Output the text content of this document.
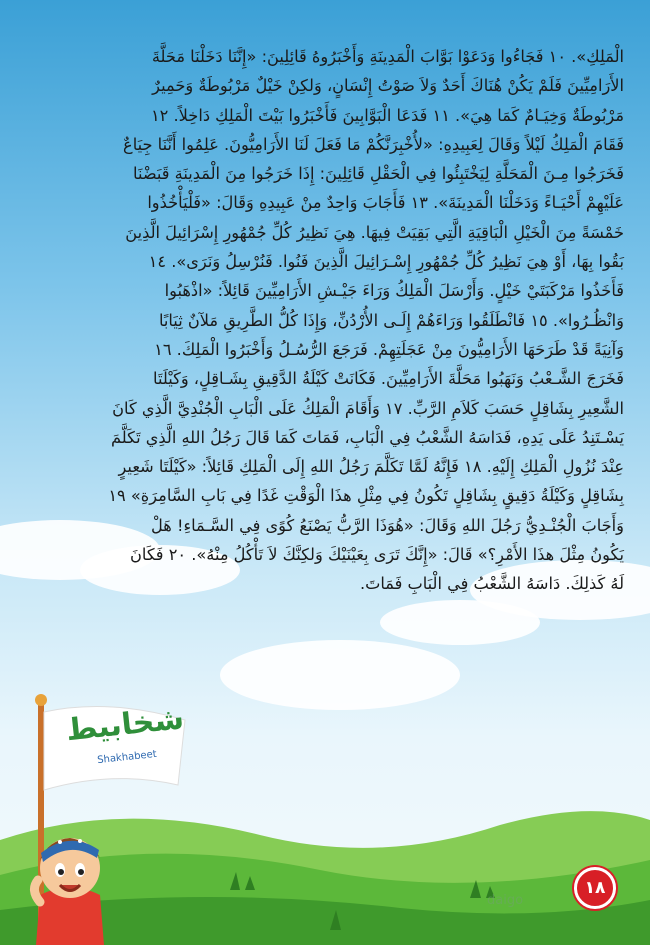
الْمَلِكِ». ١٠ فَجَاءُوا وَدَعَوْا بَوَّابَ الْمَدِينَةِ وَأَخْبَرُوهُ قَائِلِينَ: «إِنَّنَا دَخَلْنَا مَحَلَّةَ
الأَرَامِيِّينَ فَلَمْ يَكُنْ هُنَاكَ أَحَدٌ وَلاَ صَوْتُ إِنْسَانٍ، وَلكِنْ خَيْلٌ مَرْبُوطَةٌ وَحَمِيرٌ
مَرْبُوطَةٌ وَخِيَـامٌ كَمَا هِيَ». ١١ فَدَعَا الْبَوَّابِينَ فَأَخْبَرُوا بَيْتَ الْمَلِكِ دَاخِلاً. ١٢
فَقَامَ الْمَلِكُ لَيْلاً وَقَالَ لِعَبِيدِهِ: «لأُخْبِرَنَّكُمْ مَا فَعَلَ لَنَا الأَرَامِيُّونَ. عَلِمُوا أَنَّنَا جِيَاعٌ
فَخَرَجُوا مِـنَ الْمَحَلَّةِ لِيَخْتَبِئُوا فِي الْحَقْلِ قَائِلِينَ: إِذَا خَرَجُوا مِنَ الْمَدِينَةِ قَبَضْنَا
عَلَيْهِمْ أَحْيَـاءً وَدَخَلْنَا الْمَدِينَةَ». ١٣ فَأَجَابَ وَاحِدٌ مِنْ عَبِيدِهِ وَقَالَ: «فَلْيَأْخُذُوا
خَمْسَةً مِنَ الْخَيْلِ الْبَاقِيَةِ الَّتِي بَقِيَتْ فِيهَا. هِيَ نَظِيرُ كُلِّ جُمْهُورِ إِسْرَائِيلَ الَّذِينَ
بَقُوا بِهَا، أَوْ هِيَ نَظِيرُ كُلِّ جُمْهُورِ إِسْـرَائِيلَ الَّذِينَ فَنُوا. فَنُرْسِلُ وَنَرَى». ١٤
فَأَخَذُوا مَرْكَبَتَيْ خَيْلٍ. وَأَرْسَلَ الْمَلِكُ وَرَاءَ جَيْـشِ الأَرَامِيِّينَ قَائِلاً: «اذْهَبُوا
وَانْظُـرُوا». ١٥ فَانْطَلَقُوا وَرَاءَهُمْ إِلَـى الأُرْدُنِّ، وَإِذَا كُلُّ الطَّرِيقِ مَلآنٌ ثِيَابًا
وَآنِيَةً قَدْ طَرَحَهَا الأَرَامِيُّونَ مِنْ عَجَلَتِهِمْ. فَرَجَعَ الرُّسُـلُ وَأَخْبَرُوا الْمَلِكَ. ١٦
فَخَرَجَ الشَّـعْبُ وَنَهَبُوا مَحَلَّةَ الأَرَامِيِّينَ. فَكَانَتْ كَيْلَةُ الدَّقِيقِ بِشَـاقِلٍ، وَكَيْلَتَا
الشَّعِيرِ بِشَاقِلٍ حَسَبَ كَلاَمِ الرَّبِّ. ١٧ وَأَقَامَ الْمَلِكُ عَلَى الْبَابِ الْجُنْدِيَّ الَّذِي كَانَ
يَسْـتَنِدُ عَلَى يَدِهِ، فَدَاسَهُ الشَّعْبُ فِي الْبَابِ، فَمَاتَ كَمَا قَالَ رَجُلُ اللهِ الَّذِي تَكَلَّمَ
عِنْدَ نُزُولِ الْمَلِكِ إِلَيْهِ. ١٨ فَإِنَّهُ لَمَّا تَكَلَّمَ رَجُلُ اللهِ إِلَى الْمَلِكِ قَائِلاً: «كَيْلَتَا شَعِيرٍ
بِشَاقِلٍ وَكَيْلَةُ دَقِيقٍ بِشَاقِلٍ تَكُونُ فِي مِثْلِ هذَا الْوَقْتِ غَدًا فِي بَابِ السَّامِرَةِ» ١٩
وَأَجَابَ الْجُنْـدِيُّ رَجُلَ اللهِ وَقَالَ: «هُوَذَا الرَّبُّ يَصْنَعُ كُوًى فِي السَّـمَاءِ! هَلْ
يَكُونُ مِثْلَ هذَا الأَمْرِ؟» قَالَ: «إِنَّكَ تَرَى بِعَيْنَيْكَ وَلكِنَّكَ لاَ تَأْكُلُ مِنْهُ». ٢٠ فَكَانَ
لَهُ كَذلِكَ. دَاسَهُ الشَّعْبُ فِي الْبَابِ فَمَاتَ.
شخابيط
Shakhabeet
daigo
١٨
